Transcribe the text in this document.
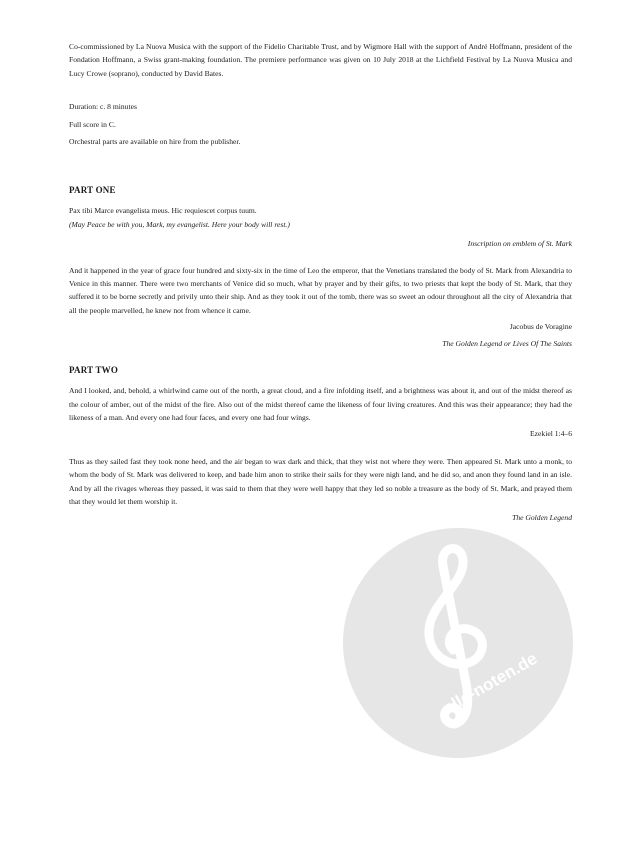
Co-commissioned by La Nuova Musica with the support of the Fidelio Charitable Trust, and by Wigmore Hall with the support of André Hoffmann, president of the Fondation Hoffmann, a Swiss grant-making foundation. The premiere performance was given on 10 July 2018 at the Lichfield Festival by La Nuova Musica and Lucy Crowe (soprano), conducted by David Bates.

Duration: c. 8 minutes

Full score in C.

Orchestral parts are available on hire from the publisher.

PART ONE

Pax tibi Marce evangelista meus. Hic requiescet corpus tuum.

(May Peace be with you, Mark, my evangelist. Here your body will rest.)

Inscription on emblem of St. Mark

And it happened in the year of grace four hundred and sixty-six in the time of Leo the emperor, that the Venetians translated the body of St. Mark from Alexandria to Venice in this manner. There were two merchants of Venice did so much, what by prayer and by their gifts, to two priests that kept the body of St. Mark, that they suffered it to be borne secretly and privily unto their ship. And as they took it out of the tomb, there was so sweet an odour throughout all the city of Alexandria that all the people marvelled, he knew not from whence it came.

Jacobus de Voragine

The Golden Legend or Lives Of The Saints

PART TWO

And I looked, and, behold, a whirlwind came out of the north, a great cloud, and a fire infolding itself, and a brightness was about it, and out of the midst thereof as the colour of amber, out of the midst of the fire. Also out of the midst thereof came the likeness of four living creatures. And this was their appearance; they had the likeness of a man. And every one had four faces, and every one had four wings.

Ezekiel 1:4–6

Thus as they sailed fast they took none heed, and the air began to wax dark and thick, that they wist not where they were. Then appeared St. Mark unto a monk, to whom the body of St. Mark was delivered to keep, and bade him anon to strike their sails for they were nigh land, and he did so, and anon they found land in an isle. And by all the rivages whereas they passed, it was said to them that they were well happy that they led so noble a treasure as the body of St. Mark, and prayed them that they would let them worship it.

The Golden Legend

alle-noten.de
